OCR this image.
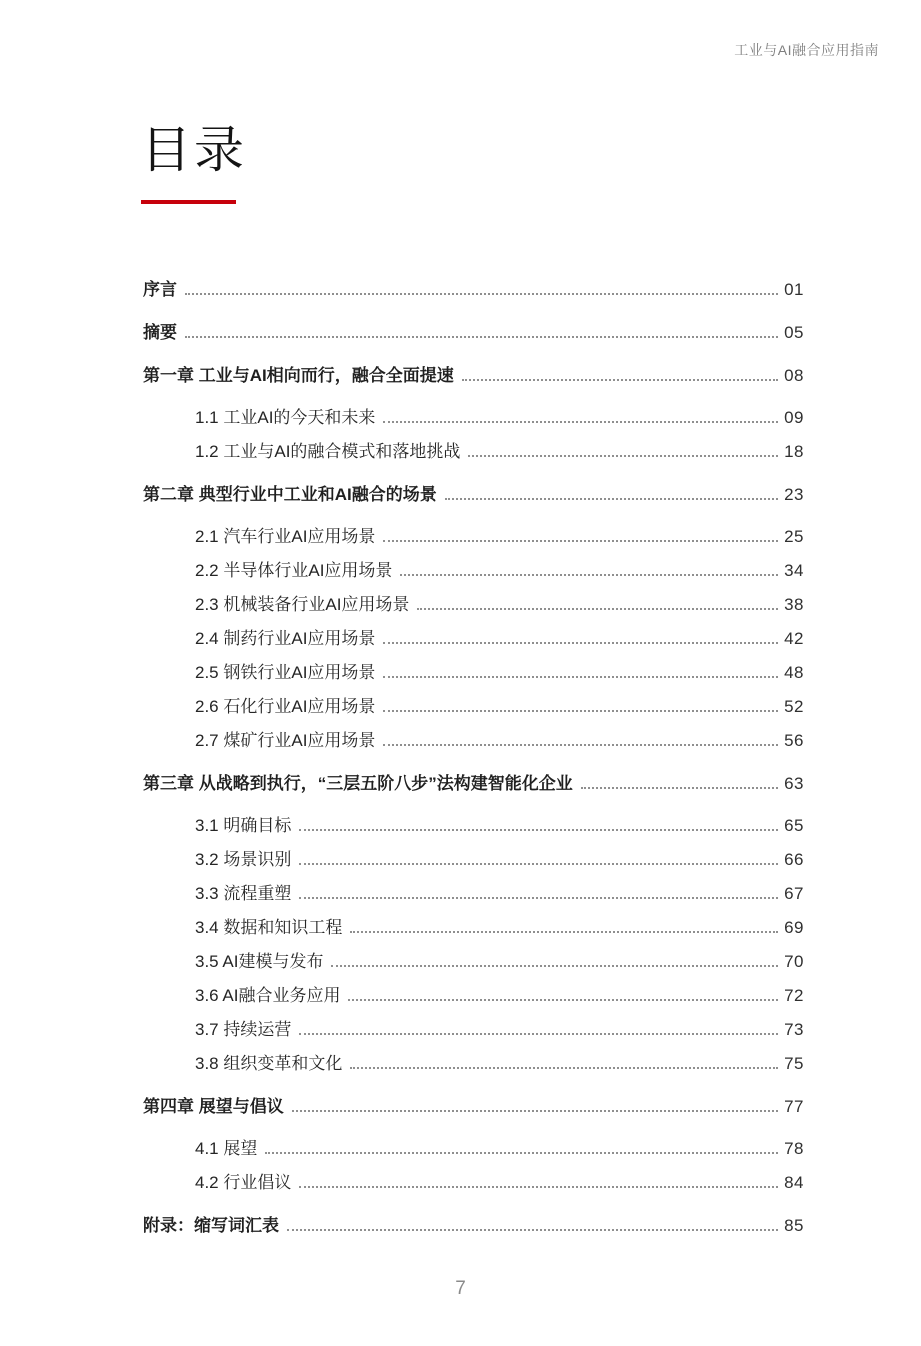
工业与AI融合应用指南
目录
序言	01
摘要	05
第一章 工业与AI相向而行，融合全面提速	08
1.1 工业AI的今天和未来	09
1.2 工业与AI的融合模式和落地挑战	18
第二章 典型行业中工业和AI融合的场景	23
2.1 汽车行业AI应用场景	25
2.2 半导体行业AI应用场景	34
2.3 机械装备行业AI应用场景	38
2.4 制药行业AI应用场景	42
2.5 钢铁行业AI应用场景	48
2.6 石化行业AI应用场景	52
2.7 煤矿行业AI应用场景	56
第三章 从战略到执行，“三层五阶八步”法构建智能化企业	63
3.1 明确目标	65
3.2 场景识别	66
3.3 流程重塑	67
3.4 数据和知识工程	69
3.5 AI建模与发布	70
3.6 AI融合业务应用	72
3.7 持续运营	73
3.8 组织变革和文化	75
第四章 展望与倡议	77
4.1 展望	78
4.2 行业倡议	84
附录：缩写词汇表	85
7
